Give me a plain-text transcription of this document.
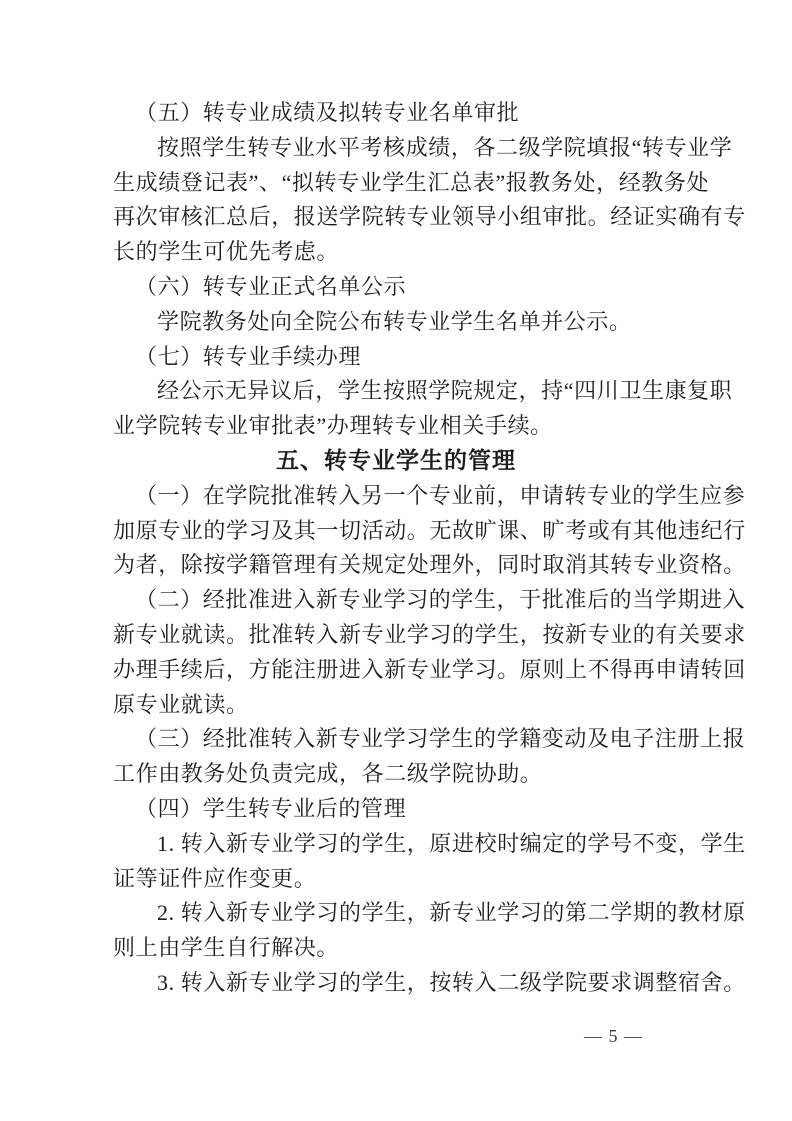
（五）转专业成绩及拟转专业名单审批
按照学生转专业水平考核成绩，各二级学院填报“转专业学
生成绩登记表”、“拟转专业学生汇总表”报教务处，经教务处
再次审核汇总后，报送学院转专业领导小组审批。经证实确有专
长的学生可优先考虑。
（六）转专业正式名单公示
学院教务处向全院公布转专业学生名单并公示。
（七）转专业手续办理
经公示无异议后，学生按照学院规定，持“四川卫生康复职
业学院转专业审批表”办理转专业相关手续。
五、转专业学生的管理
（一）在学院批准转入另一个专业前，申请转专业的学生应参
加原专业的学习及其一切活动。无故旷课、旷考或有其他违纪行
为者，除按学籍管理有关规定处理外，同时取消其转专业资格。
（二）经批准进入新专业学习的学生，于批准后的当学期进入
新专业就读。批准转入新专业学习的学生，按新专业的有关要求
办理手续后，方能注册进入新专业学习。原则上不得再申请转回
原专业就读。
（三）经批准转入新专业学习学生的学籍变动及电子注册上报
工作由教务处负责完成，各二级学院协助。
（四）学生转专业后的管理
1. 转入新专业学习的学生，原进校时编定的学号不变，学生
证等证件应作变更。
2. 转入新专业学习的学生，新专业学习的第二学期的教材原
则上由学生自行解决。
3. 转入新专业学习的学生，按转入二级学院要求调整宿舍。
— 5 —
